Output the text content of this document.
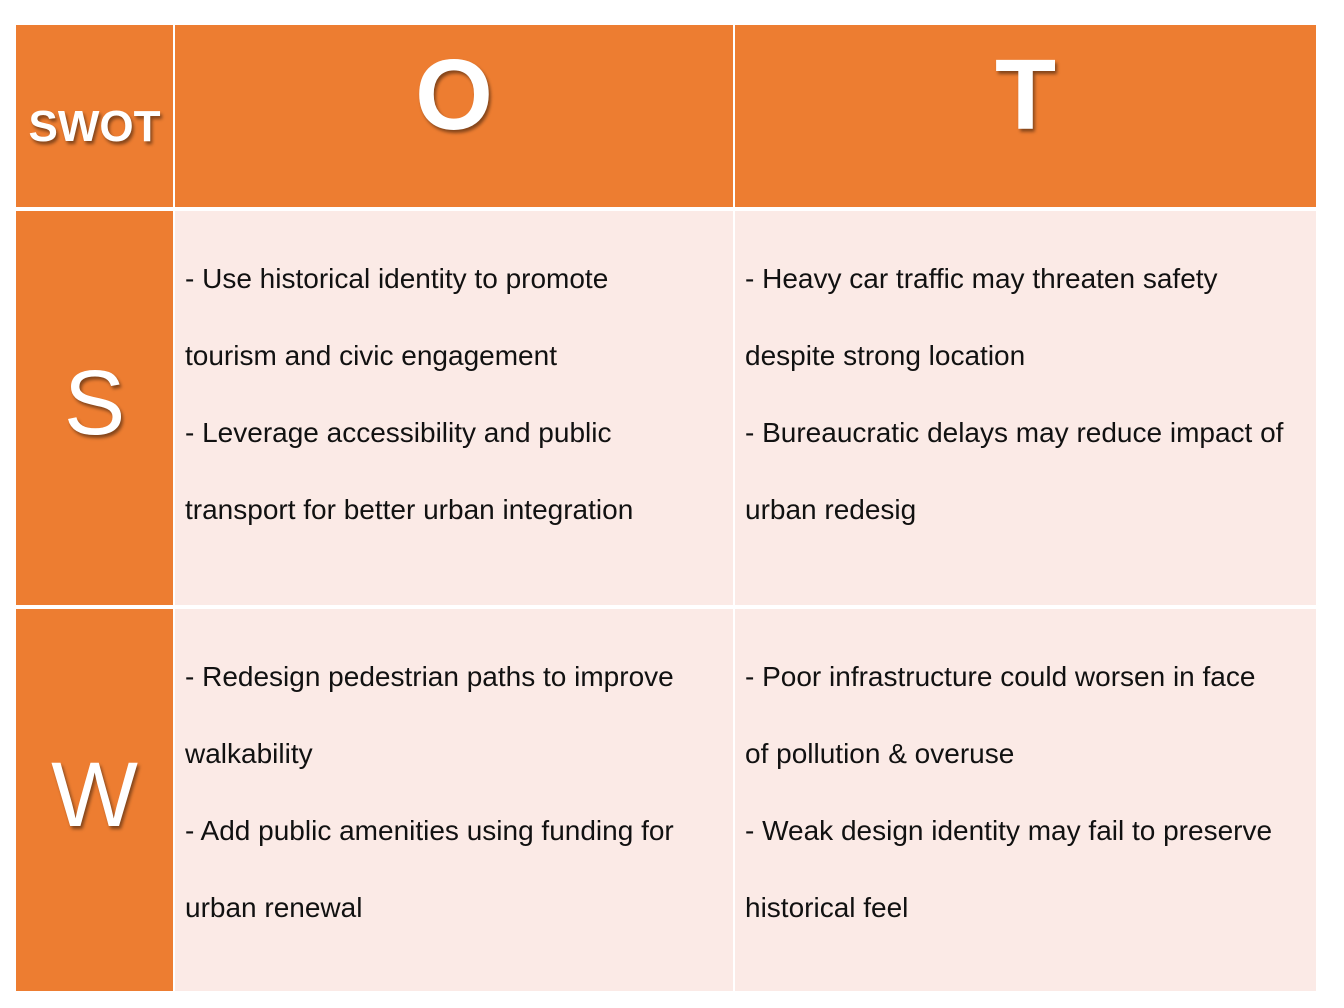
SWOT	O	T
S
- Use historical identity to promote
tourism and civic engagement
- Leverage accessibility and public
transport for better urban integration
- Heavy car traffic may threaten safety
despite strong location
- Bureaucratic delays may reduce impact of
urban redesig
W
- Redesign pedestrian paths to improve
walkability
- Add public amenities using funding for
urban renewal
- Poor infrastructure could worsen in face
of pollution & overuse
- Weak design identity may fail to preserve
historical feel
